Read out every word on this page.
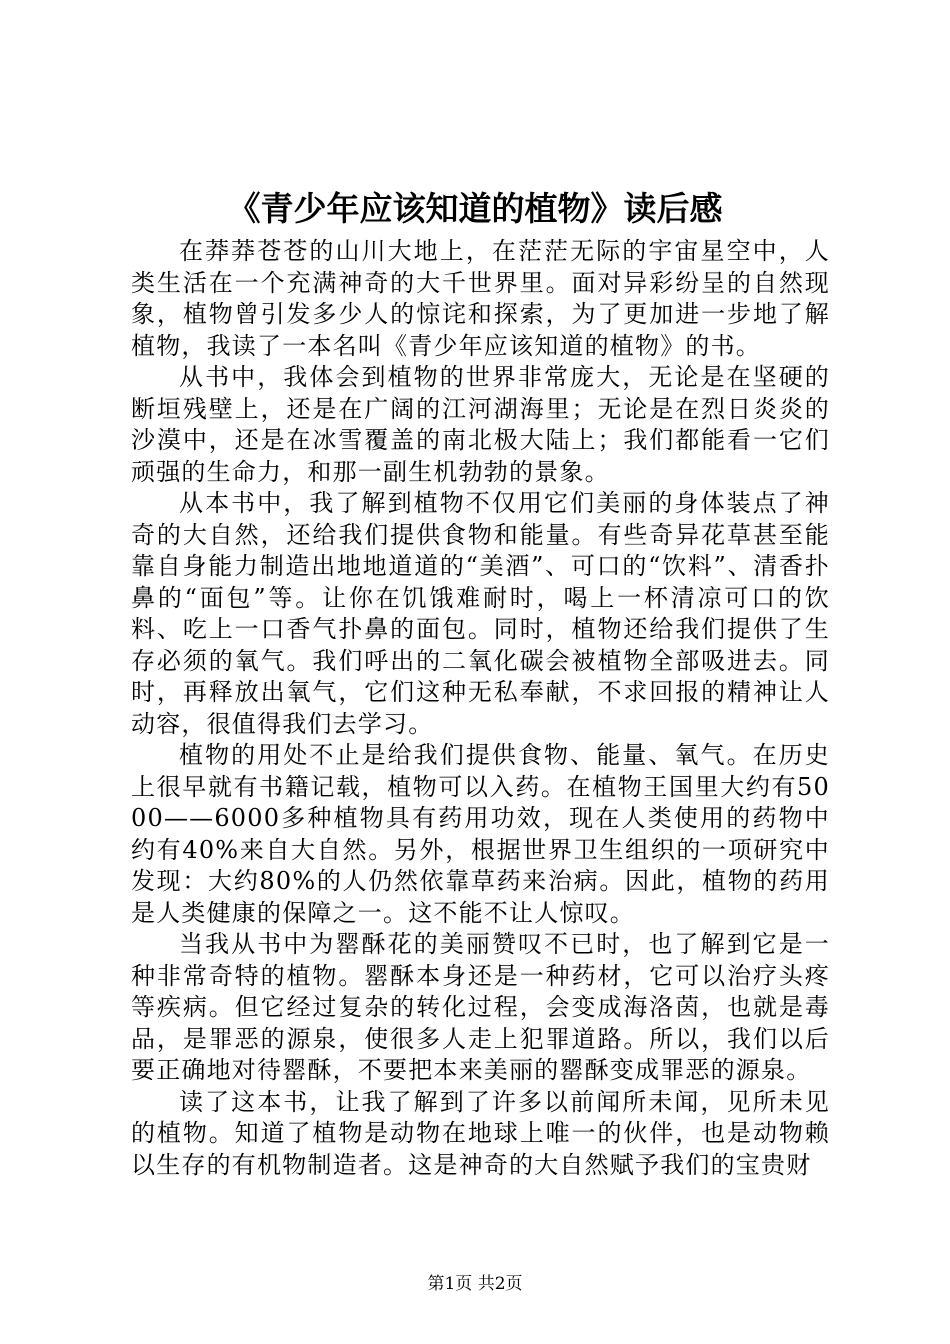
《青少年应该知道的植物》读后感

在莽莽苍苍的山川大地上，在茫茫无际的宇宙星空中，人类生活在一个充满神奇的大千世界里。面对异彩纷呈的自然现象，植物曾引发多少人的惊诧和探索，为了更加进一步地了解植物，我读了一本名叫《青少年应该知道的植物》的书。

从书中，我体会到植物的世界非常庞大，无论是在坚硬的断垣残壁上，还是在广阔的江河湖海里；无论是在烈日炎炎的沙漠中，还是在冰雪覆盖的南北极大陆上；我们都能看一它们顽强的生命力，和那一副生机勃勃的景象。

从本书中，我了解到植物不仅用它们美丽的身体装点了神奇的大自然，还给我们提供食物和能量。有些奇异花草甚至能靠自身能力制造出地地道道的“美酒”、可口的“饮料”、清香扑鼻的“面包”等。让你在饥饿难耐时，喝上一杯清凉可口的饮料、吃上一口香气扑鼻的面包。同时，植物还给我们提供了生存必须的氧气。我们呼出的二氧化碳会被植物全部吸进去。同时，再释放出氧气，它们这种无私奉献，不求回报的精神让人动容，很值得我们去学习。

植物的用处不止是给我们提供食物、能量、氧气。在历史上很早就有书籍记载，植物可以入药。在植物王国里大约有5000——6000多种植物具有药用功效，现在人类使用的药物中约有40%来自大自然。另外，根据世界卫生组织的一项研究中发现：大约80%的人仍然依靠草药来治病。因此，植物的药用是人类健康的保障之一。这不能不让人惊叹。

当我从书中为罂酥花的美丽赞叹不已时，也了解到它是一种非常奇特的植物。罂酥本身还是一种药材，它可以治疗头疼等疾病。但它经过复杂的转化过程，会变成海洛茵，也就是毒品，是罪恶的源泉，使很多人走上犯罪道路。所以，我们以后要正确地对待罂酥，不要把本来美丽的罂酥变成罪恶的源泉。

读了这本书，让我了解到了许多以前闻所未闻，见所未见的植物。知道了植物是动物在地球上唯一的伙伴，也是动物赖以生存的有机物制造者。这是神奇的大自然赋予我们的宝贵财

第1页 共2页
